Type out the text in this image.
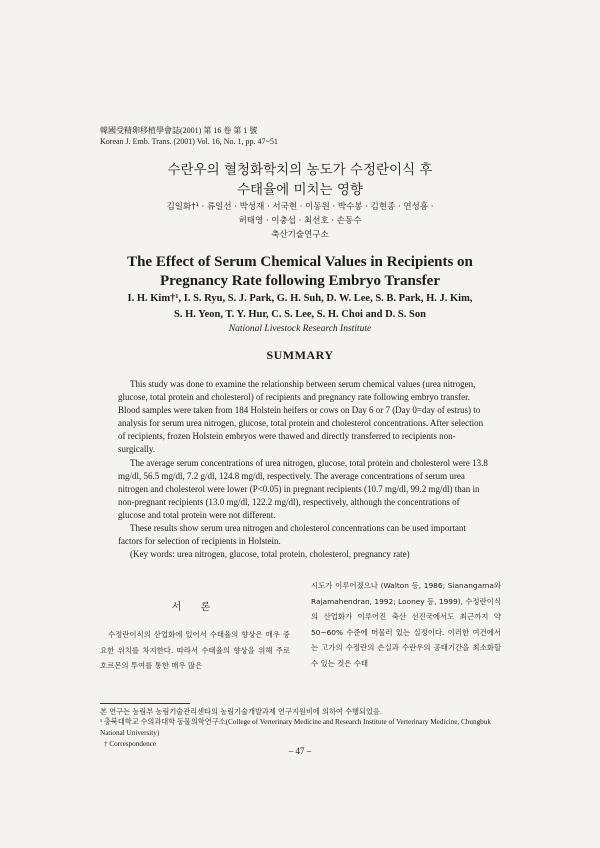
韓國受精卵移植學會誌(2001) 第 16 卷 第 1 號
Korean J. Emb. Trans. (2001) Vol. 16, No. 1, pp. 47~51
수란우의 혈청화학치의 농도가 수정란이식 후
수태율에 미치는 영향
김일화†¹ · 류일선 · 박성재 · 서국현 · 이동원 · 박수봉 · 김현종 · 연성흠 ·
허태영 · 이충섭 · 최선호 · 손동수
축산기술연구소
The Effect of Serum Chemical Values in Recipients on
Pregnancy Rate following Embryo Transfer
I. H. Kim†¹, I. S. Ryu, S. J. Park, G. H. Suh, D. W. Lee, S. B. Park, H. J. Kim,
S. H. Yeon, T. Y. Hur, C. S. Lee, S. H. Choi and D. S. Son
National Livestock Research Institute
SUMMARY

This study was done to examine the relationship between serum chemical values (urea nitrogen, glucose, total protein and cholesterol) of recipients and pregnancy rate following embryo transfer. Blood samples were taken from 184 Holstein heifers or cows on Day 6 or 7 (Day 0=day of estrus) to analysis for serum urea nitrogen, glucose, total protein and cholesterol concentrations. After selection of recipients, frozen Holstein embryos were thawed and directly transferred to recipients non-surgically.

The average serum concentrations of urea nitrogen, glucose, total protein and cholesterol were 13.8 mg/dl, 56.5 mg/dl, 7.2 g/dl, 124.8 mg/dl, respectively. The average concentrations of serum urea nitrogen and cholesterol were lower (P<0.05) in pregnant recipients (10.7 mg/dl, 99.2 mg/dl) than in non-pregnant recipients (13.0 mg/dl, 122.2 mg/dl), respectively, although the concentrations of glucose and total protein were not different.

These results show serum urea nitrogen and cholesterol concentrations can be used important factors for selection of recipients in Holstein.

(Key words: urea nitrogen, glucose, total protein, cholesterol, pregnancy rate)

서 론

수정란이식의 산업화에 있어서 수태율의 향상은 매우 중요한 위치를 차지한다. 따라서 수태율의 향상을 위해 주로 호르몬의 투여를 통한 매우 많은

시도가 이루어졌으나 (Walton 등, 1986; Sianangama와 Rajamahendran, 1992; Looney 등, 1999), 수정란이식의 산업화가 이루어진 축산 선진국에서도 최근까지 약 50~60% 수준에 머물러 있는 실정이다. 이러한 여건에서는 고가의 수정란의 손실과 수란우의 공태기간을 최소화할 수 있는 것은 수태

본 연구는 농림부 농림기술관리센타의 농림기술개발과제 연구지원비에 의하여 수행되었음.
¹ 충북대학교 수의과대학 동물의학연구소(College of Verterinary Medicine and Research Institute of Verterinary Medicine, Chungbuk National University)
† Correspondence
– 47 –
